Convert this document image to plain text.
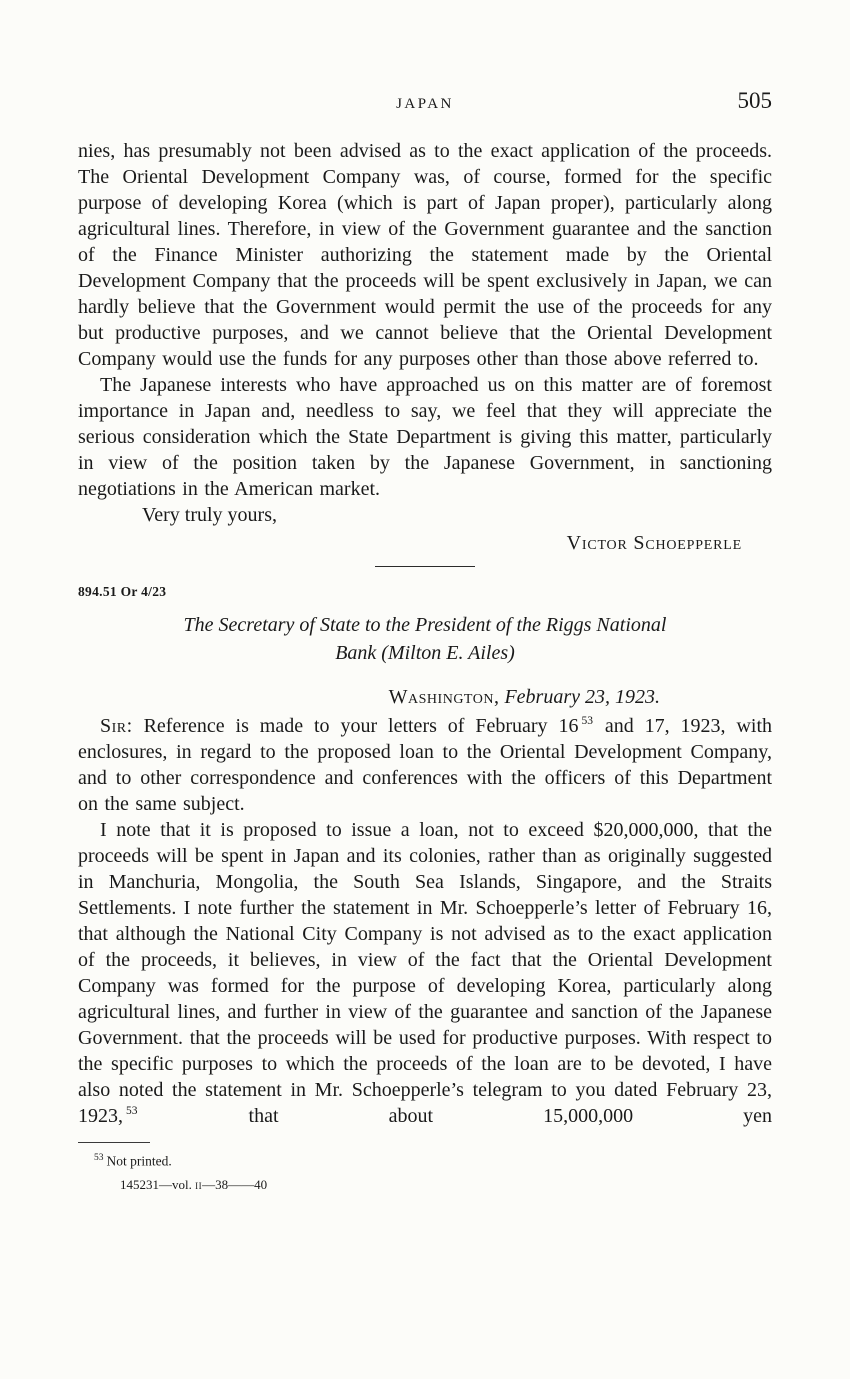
JAPAN	505

nies, has presumably not been advised as to the exact application of the proceeds. The Oriental Development Company was, of course, formed for the specific purpose of developing Korea (which is part of Japan proper), particularly along agricultural lines. Therefore, in view of the Government guarantee and the sanction of the Finance Minister authorizing the statement made by the Oriental Development Company that the proceeds will be spent exclusively in Japan, we can hardly believe that the Government would permit the use of the proceeds for any but productive purposes, and we cannot believe that the Oriental Development Company would use the funds for any purposes other than those above referred to.

The Japanese interests who have approached us on this matter are of foremost importance in Japan and, needless to say, we feel that they will appreciate the serious consideration which the State Department is giving this matter, particularly in view of the position taken by the Japanese Government, in sanctioning negotiations in the American market.

Very truly yours,

Victor Schoepperle
894.51 Or 4/23
The Secretary of State to the President of the Riggs National
Bank (Milton E. Ailes)
Washington, February 23, 1923.

Sir: Reference is made to your letters of February 16 $^{53}$ and 17, 1923, with enclosures, in regard to the proposed loan to the Oriental Development Company, and to other correspondence and conferences with the officers of this Department on the same subject.

I note that it is proposed to issue a loan, not to exceed $20,000,000, that the proceeds will be spent in Japan and its colonies, rather than as originally suggested in Manchuria, Mongolia, the South Sea Islands, Singapore, and the Straits Settlements. I note further the statement in Mr. Schoepperle’s letter of February 16, that although the National City Company is not advised as to the exact application of the proceeds, it believes, in view of the fact that the Oriental Development Company was formed for the purpose of developing Korea, particularly along agricultural lines, and further in view of the guarantee and sanction of the Japanese Government. that the proceeds will be used for productive purposes. With respect to the specific purposes to which the proceeds of the loan are to be devoted, I have also noted the statement in Mr. Schoepperle’s telegram to you dated February 23, 1923, $^{53}$ that about 15,000,000 yen

$^{53}$ Not printed.

145231—vol. ii—38——40
